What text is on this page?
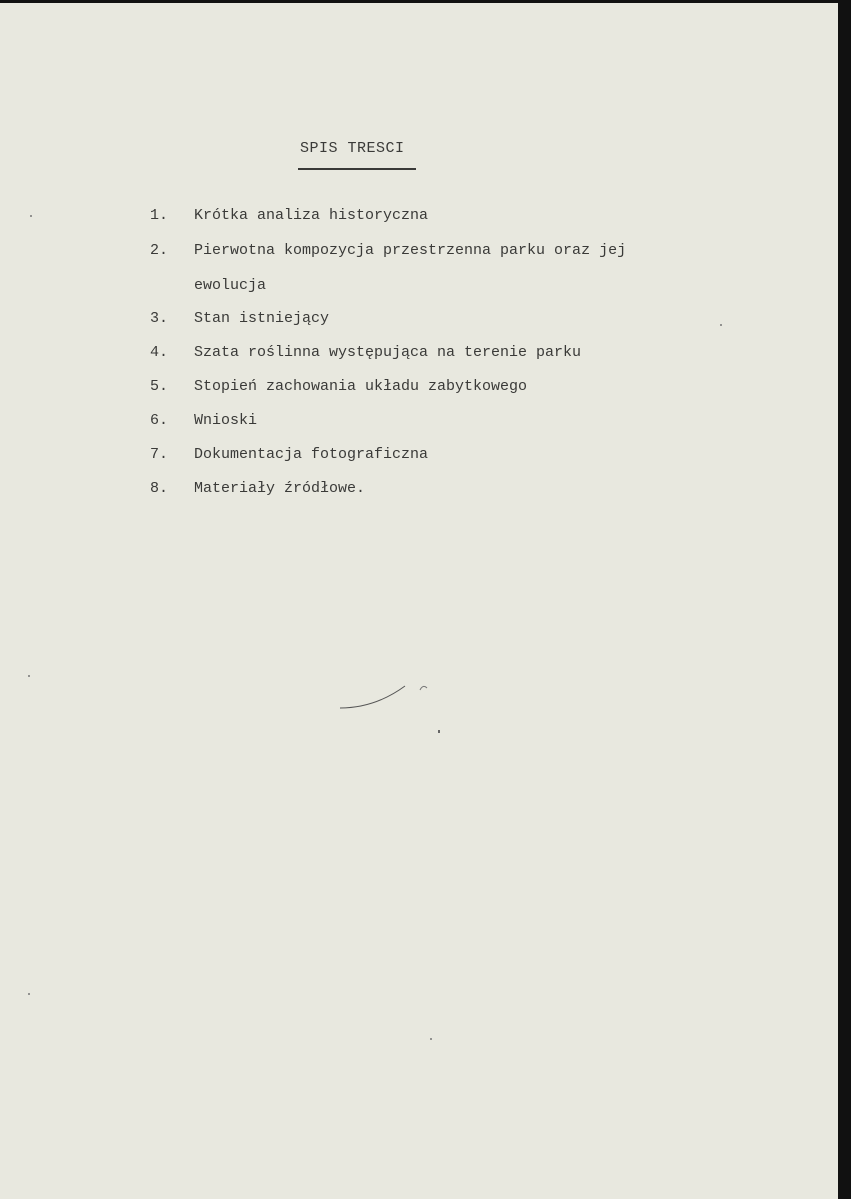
SPIS TRESCI
1. Krótka analiza historyczna
2. Pierwotna kompozycja przestrzenna parku oraz jej
ewolucja
3. Stan istniejący
4. Szata roślinna występująca na terenie parku
5. Stopień zachowania układu zabytkowego
6. Wnioski
7. Dokumentacja fotograficzna
8. Materiały źródłowe.
